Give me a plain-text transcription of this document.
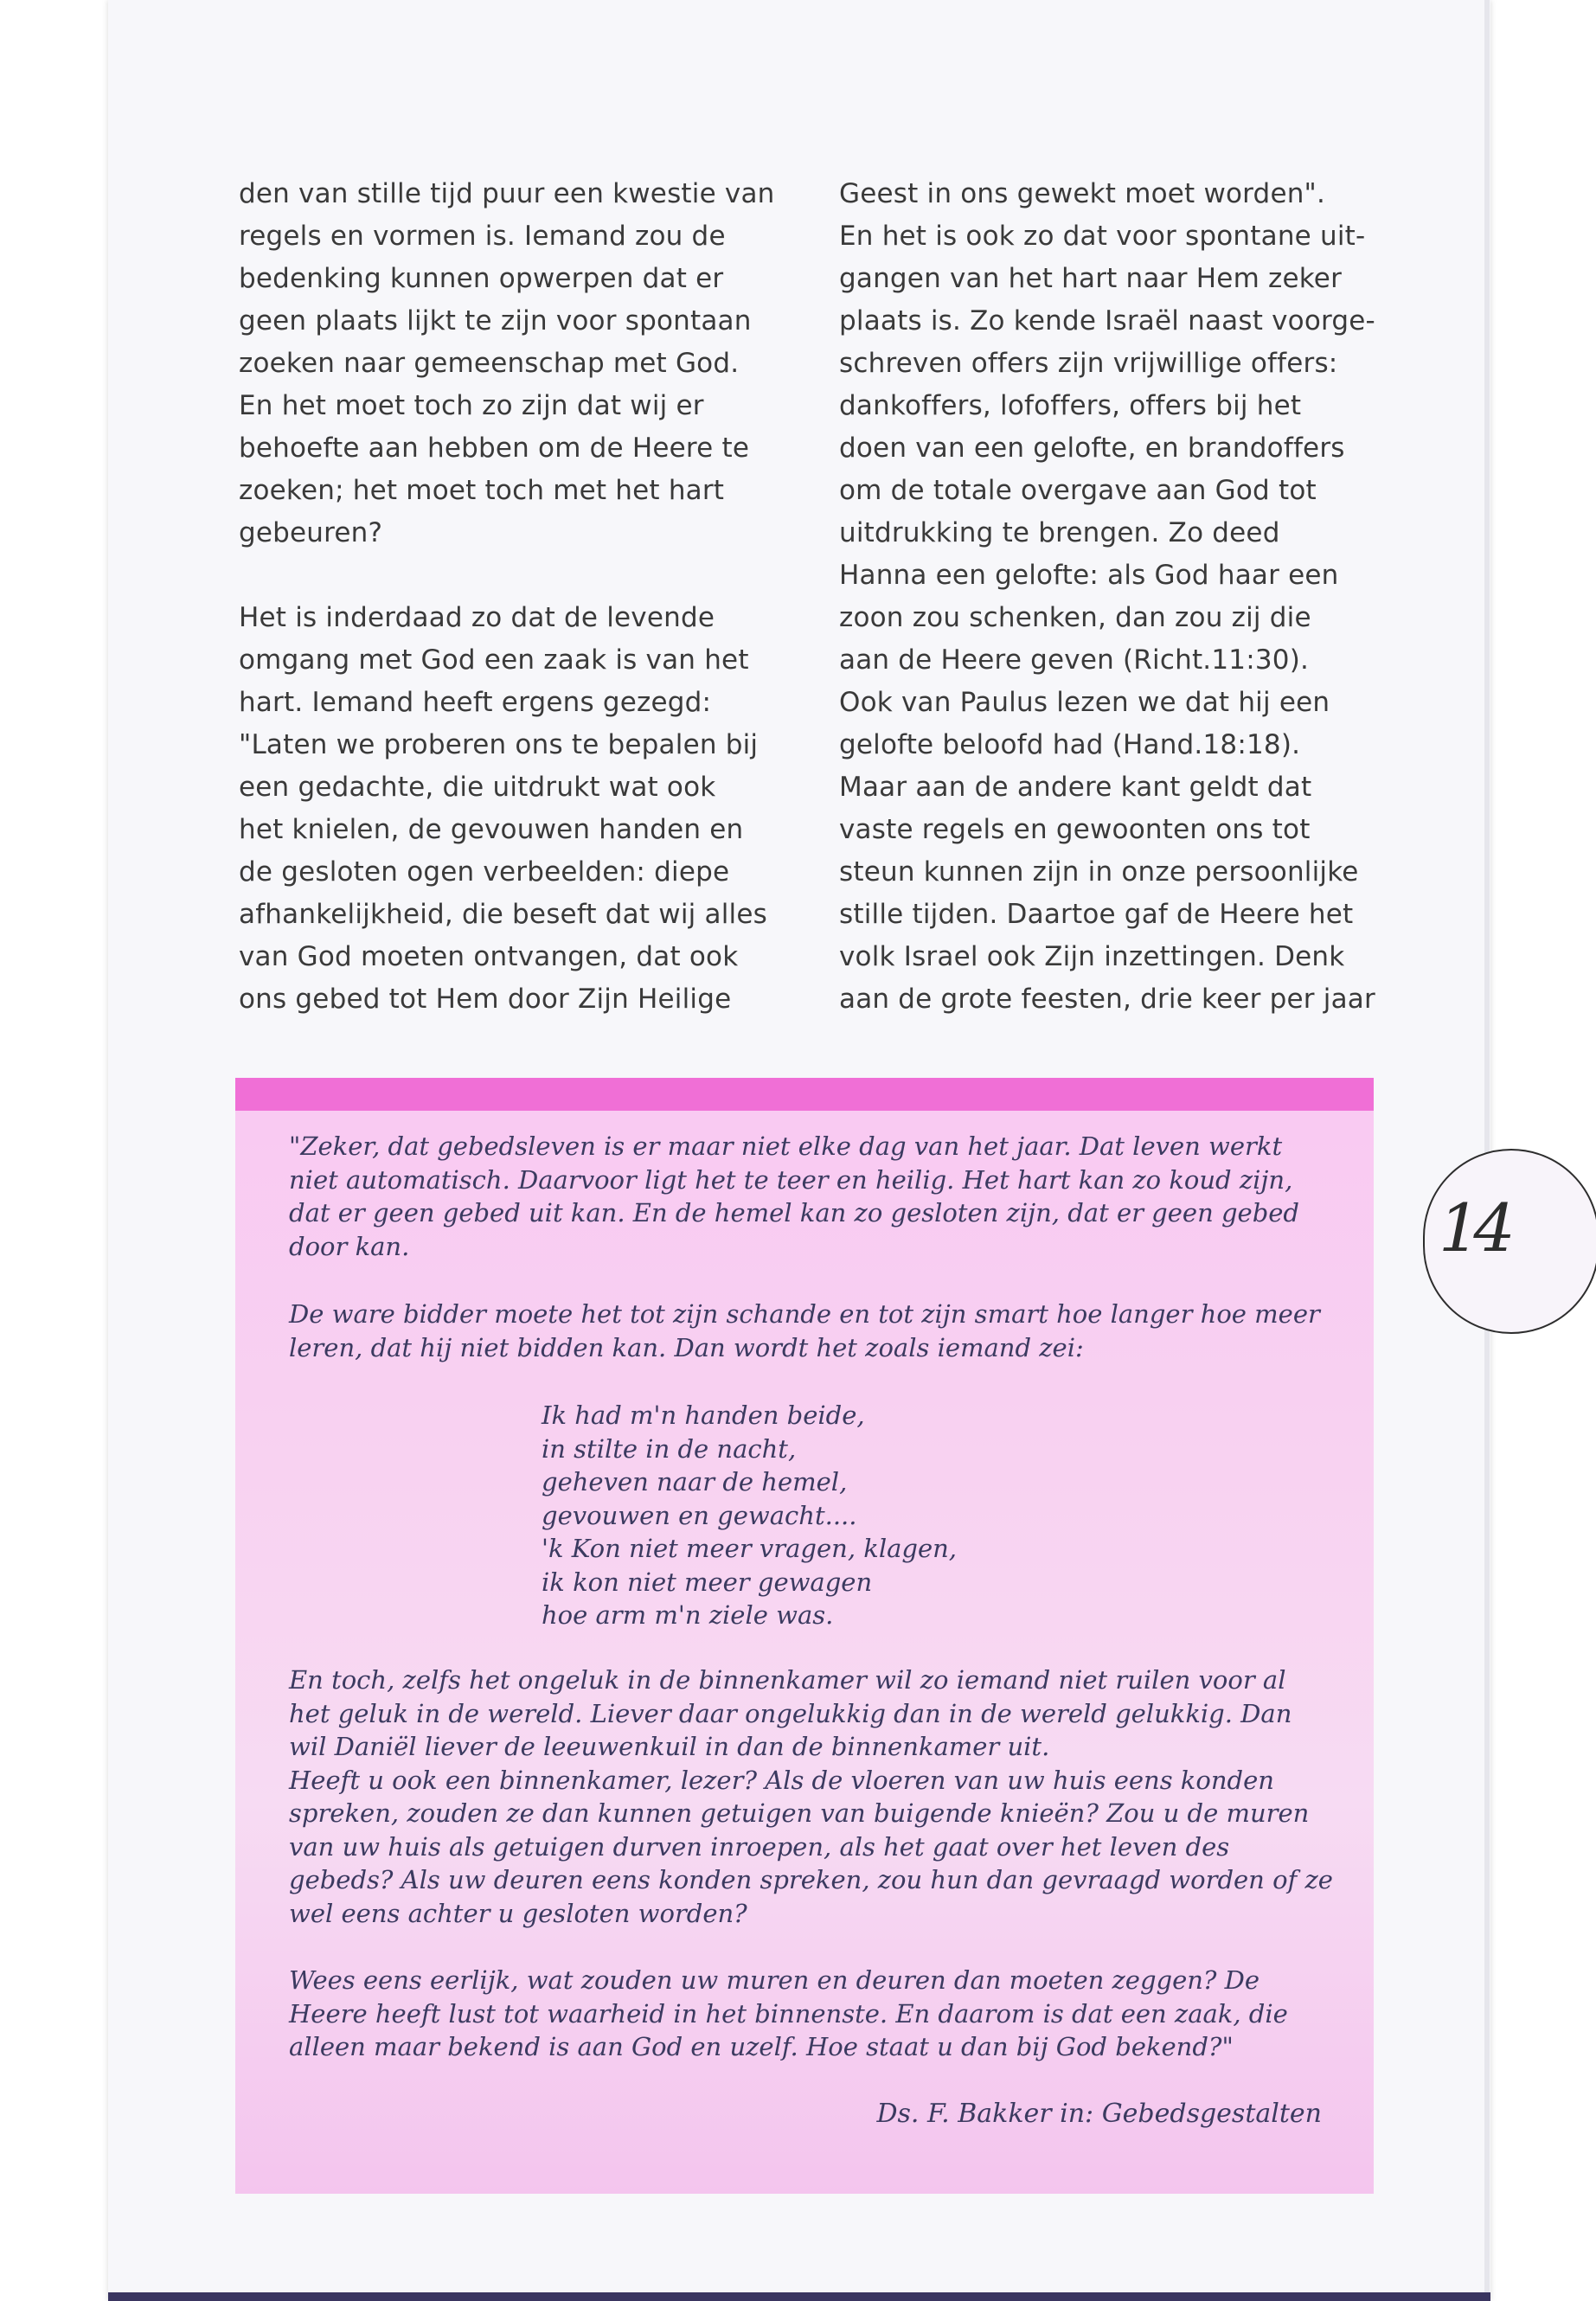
den van stille tijd puur een kwestie van
regels en vormen is. Iemand zou de
bedenking kunnen opwerpen dat er
geen plaats lijkt te zijn voor spontaan
zoeken naar gemeenschap met God.
En het moet toch zo zijn dat wij er
behoefte aan hebben om de Heere te
zoeken; het moet toch met het hart
gebeuren?

Het is inderdaad zo dat de levende
omgang met God een zaak is van het
hart. Iemand heeft ergens gezegd:
"Laten we proberen ons te bepalen bij
een gedachte, die uitdrukt wat ook
het knielen, de gevouwen handen en
de gesloten ogen verbeelden: diepe
afhankelijkheid, die beseft dat wij alles
van God moeten ontvangen, dat ook
ons gebed tot Hem door Zijn Heilige

Geest in ons gewekt moet worden".
En het is ook zo dat voor spontane uit-
gangen van het hart naar Hem zeker
plaats is. Zo kende Israël naast voorge-
schreven offers zijn vrijwillige offers:
dankoffers, lofoffers, offers bij het
doen van een gelofte, en brandoffers
om de totale overgave aan God tot
uitdrukking te brengen. Zo deed
Hanna een gelofte: als God haar een
zoon zou schenken, dan zou zij die
aan de Heere geven (Richt.11:30).
Ook van Paulus lezen we dat hij een
gelofte beloofd had (Hand.18:18).
Maar aan de andere kant geldt dat
vaste regels en gewoonten ons tot
steun kunnen zijn in onze persoonlijke
stille tijden. Daartoe gaf de Heere het
volk Israel ook Zijn inzettingen. Denk
aan de grote feesten, drie keer per jaar

"Zeker, dat gebedsleven is er maar niet elke dag van het jaar. Dat leven werkt
niet automatisch. Daarvoor ligt het te teer en heilig. Het hart kan zo koud zijn,
dat er geen gebed uit kan. En de hemel kan zo gesloten zijn, dat er geen gebed
door kan.
De ware bidder moete het tot zijn schande en tot zijn smart hoe langer hoe meer
leren, dat hij niet bidden kan. Dan wordt het zoals iemand zei:
Ik had m'n handen beide,
in stilte in de nacht,
geheven naar de hemel,
gevouwen en gewacht....
'k Kon niet meer vragen, klagen,
ik kon niet meer gewagen
hoe arm m'n ziele was.
En toch, zelfs het ongeluk in de binnenkamer wil zo iemand niet ruilen voor al
het geluk in de wereld. Liever daar ongelukkig dan in de wereld gelukkig. Dan
wil Daniël liever de leeuwenkuil in dan de binnenkamer uit.
Heeft u ook een binnenkamer, lezer? Als de vloeren van uw huis eens konden
spreken, zouden ze dan kunnen getuigen van buigende knieën? Zou u de muren
van uw huis als getuigen durven inroepen, als het gaat over het leven des
gebeds? Als uw deuren eens konden spreken, zou hun dan gevraagd worden of ze
wel eens achter u gesloten worden?
Wees eens eerlijk, wat zouden uw muren en deuren dan moeten zeggen? De
Heere heeft lust tot waarheid in het binnenste. En daarom is dat een zaak, die
alleen maar bekend is aan God en uzelf. Hoe staat u dan bij God bekend?"
Ds. F. Bakker in: Gebedsgestalten
14
